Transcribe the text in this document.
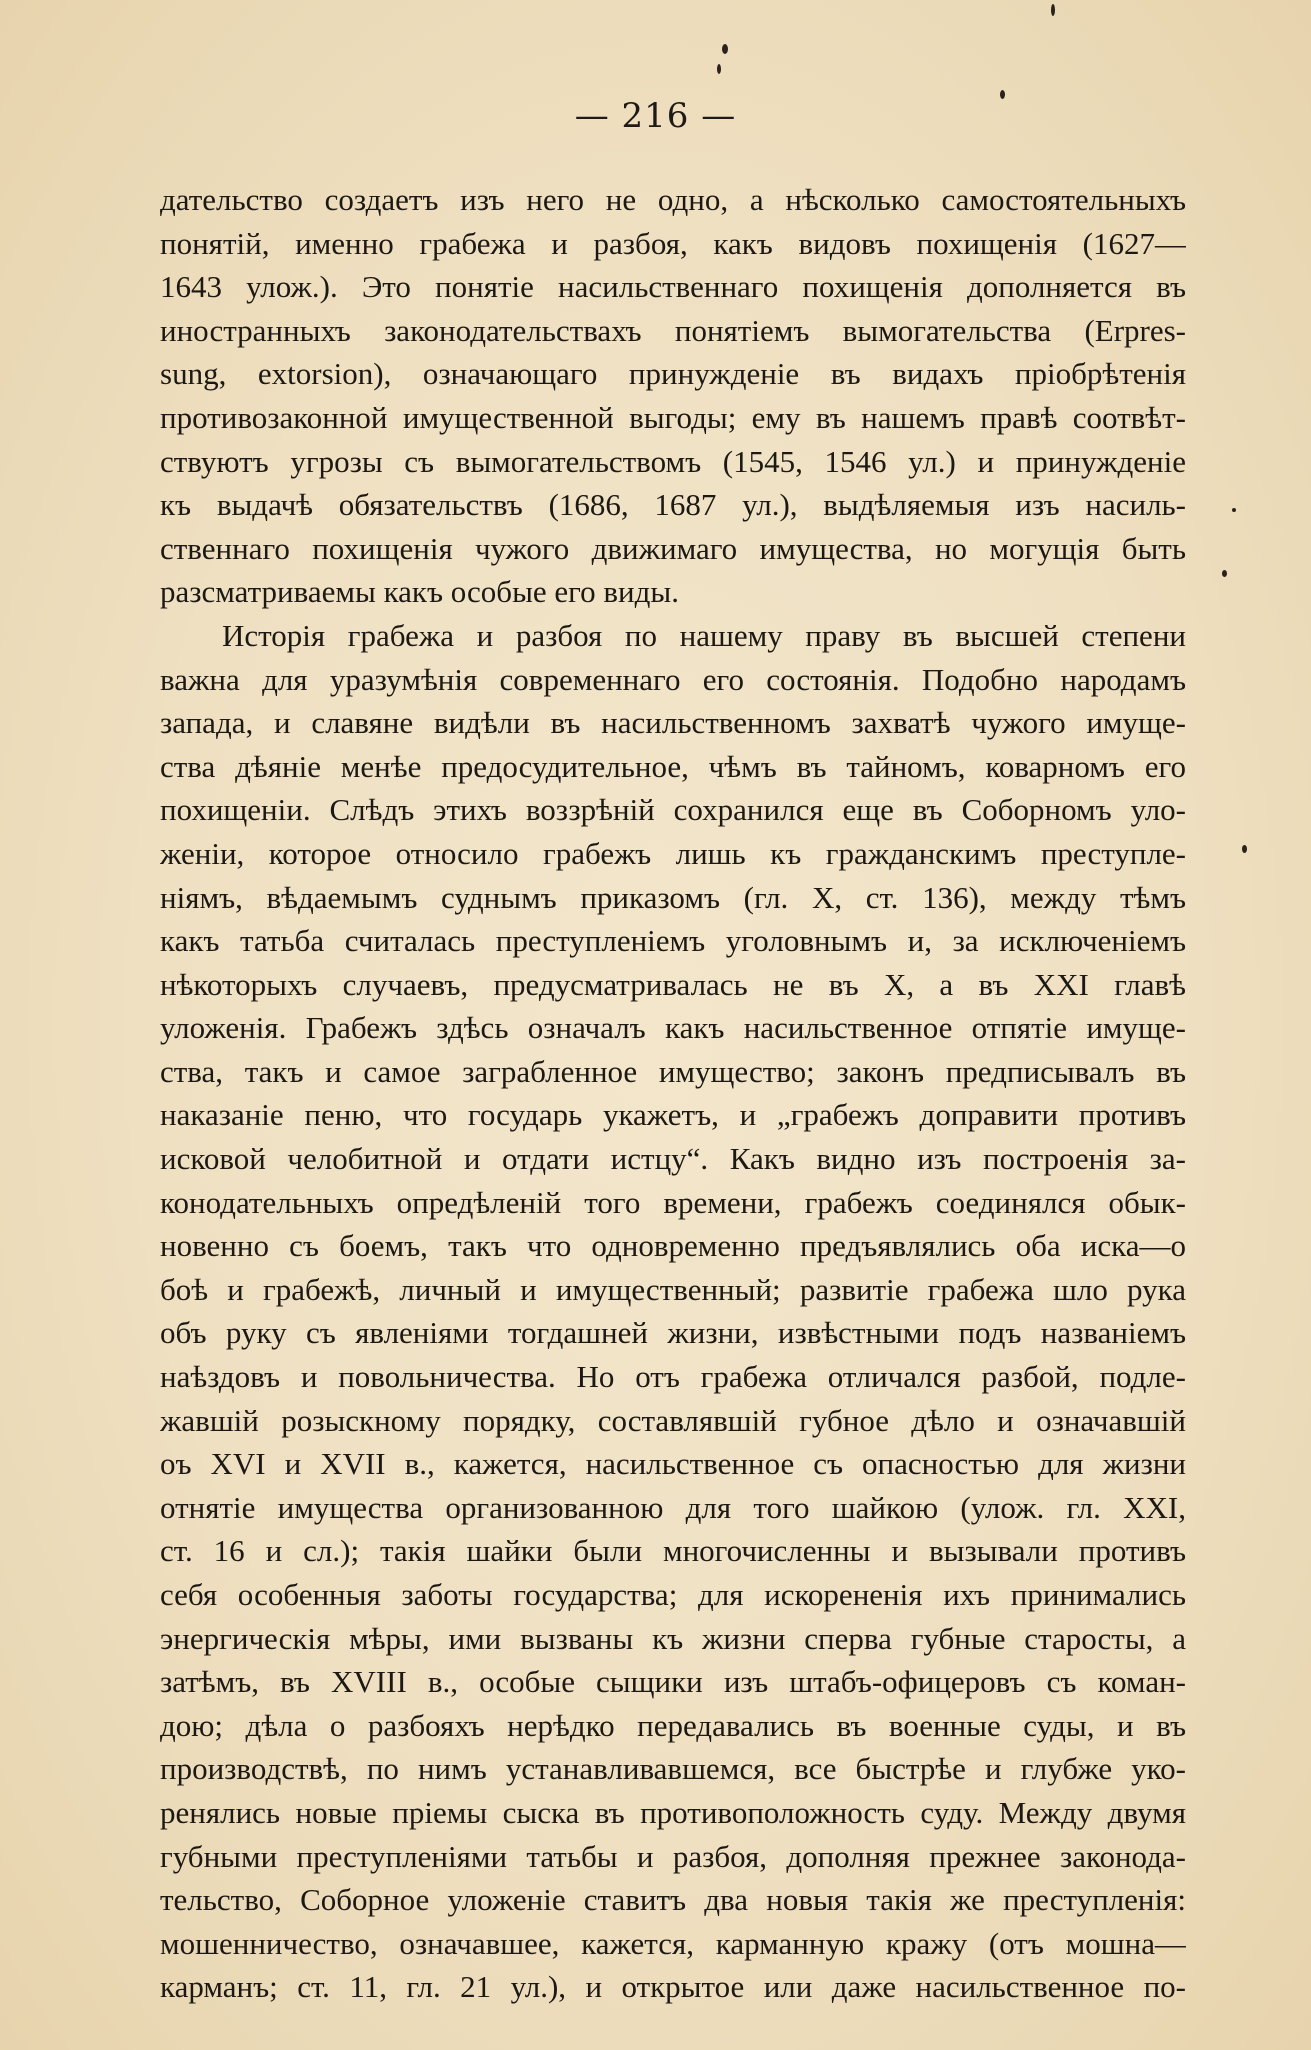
— 216 —
дательство создаетъ изъ него не одно, а нѣсколько самостоятельныхъ
понятій, именно грабежа и разбоя, какъ видовъ похищенія (1627—
1643 улож.). Это понятіе насильственнаго похищенія дополняется въ
иностранныхъ законодательствахъ понятіемъ вымогательства (Erpres-
sung, extorsion), означающаго принужденіе въ видахъ пріобрѣтенія
противозаконной имущественной выгоды; ему въ нашемъ правѣ соотвѣт-
ствуютъ угрозы съ вымогательствомъ (1545, 1546 ул.) и принужденіе
къ выдачѣ обязательствъ (1686, 1687 ул.), выдѣляемыя изъ насиль-
ственнаго похищенія чужого движимаго имущества, но могущія быть
разсматриваемы какъ особые его виды.
Исторія грабежа и разбоя по нашему праву въ высшей степени
важна для уразумѣнія современнаго его состоянія. Подобно народамъ
запада, и славяне видѣли въ насильственномъ захватѣ чужого имуще-
ства дѣяніе менѣе предосудительное, чѣмъ въ тайномъ, коварномъ его
похищеніи. Слѣдъ этихъ воззрѣній сохранился еще въ Соборномъ уло-
женіи, которое относило грабежъ лишь къ гражданскимъ преступле-
ніямъ, вѣдаемымъ суднымъ приказомъ (гл. X, ст. 136), между тѣмъ
какъ татьба считалась преступленіемъ уголовнымъ и, за исключеніемъ
нѣкоторыхъ случаевъ, предусматривалась не въ X, а въ XXI главѣ
уложенія. Грабежъ здѣсь означалъ какъ насильственное отпятіе имуще-
ства, такъ и самое заграбленное имущество; законъ предписывалъ въ
наказаніе пеню, что государь укажетъ, и „грабежъ доправити противъ
исковой челобитной и отдати истцу“. Какъ видно изъ построенія за-
конодательныхъ опредѣленій того времени, грабежъ соединялся обык-
новенно съ боемъ, такъ что одновременно предъявлялись оба иска—о
боѣ и грабежѣ, личный и имущественный; развитіе грабежа шло рука
объ руку съ явленіями тогдашней жизни, извѣстными подъ названіемъ
наѣздовъ и повольничества. Но отъ грабежа отличался разбой, подле-
жавшій розыскному порядку, составлявшій губное дѣло и означавшій
оъ XVI и XVII в., кажется, насильственное съ опасностью для жизни
отнятіе имущества организованною для того шайкою (улож. гл. XXI,
ст. 16 и сл.); такія шайки были многочисленны и вызывали противъ
себя особенныя заботы государства; для искорененія ихъ принимались
энергическія мѣры, ими вызваны къ жизни сперва губные старосты, а
затѣмъ, въ XVIII в., особые сыщики изъ штабъ-офицеровъ съ коман-
дою; дѣла о разбояхъ нерѣдко передавались въ военные суды, и въ
производствѣ, по нимъ устанавливавшемся, все быстрѣе и глубже уко-
ренялись новые пріемы сыска въ противоположность суду. Между двумя
губными преступленіями татьбы и разбоя, дополняя прежнее законода-
тельство, Соборное уложеніе ставитъ два новыя такія же преступленія:
мошенничество, означавшее, кажется, карманную кражу (отъ мошна—
карманъ; ст. 11, гл. 21 ул.), и открытое или даже насильственное по-
